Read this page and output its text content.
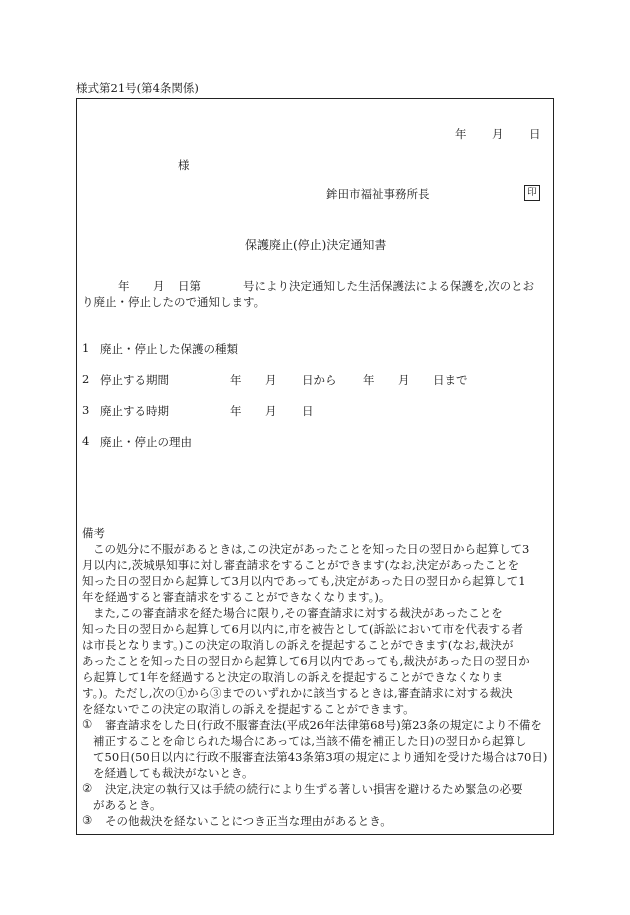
様式第21号(第4条関係)
年 月 日
様
鉾田市福祉事務所長	印
保護廃止(停止)決定通知書
年 月 日第	号により決定通知した生活保護法による保護を,次のとお
り廃止・停止したので通知します。
1 廃止・停止した保護の種類
2 停止する期間	年 月 日から 年 月 日まで
3 廃止する時期	年 月 日
4 廃止・停止の理由
備考
この処分に不服があるときは,この決定があったことを知った日の翌日から起算して3
月以内に,茨城県知事に対し審査請求をすることができます(なお,決定があったことを
知った日の翌日から起算して3月以内であっても,決定があった日の翌日から起算して1
年を経過すると審査請求をすることができなくなります。)。
また,この審査請求を経た場合に限り,その審査請求に対する裁決があったことを
知った日の翌日から起算して6月以内に,市を被告として(訴訟において市を代表する者
は市長となります。)この決定の取消しの訴えを提起することができます(なお,裁決が
あったことを知った日の翌日から起算して6月以内であっても,裁決があった日の翌日か
ら起算して1年を経過すると決定の取消しの訴えを提起することができなくなりま
す。)。ただし,次の①から③までのいずれかに該当するときは,審査請求に対する裁決
を経ないでこの決定の取消しの訴えを提起することができます。
① 審査請求をした日(行政不服審査法(平成26年法律第68号)第23条の規定により不備を
補正することを命じられた場合にあっては,当該不備を補正した日)の翌日から起算し
て50日(50日以内に行政不服審査法第43条第3項の規定により通知を受けた場合は70日)
を経過しても裁決がないとき。
② 決定,決定の執行又は手続の続行により生ずる著しい損害を避けるため緊急の必要
があるとき。
③ その他裁決を経ないことにつき正当な理由があるとき。
